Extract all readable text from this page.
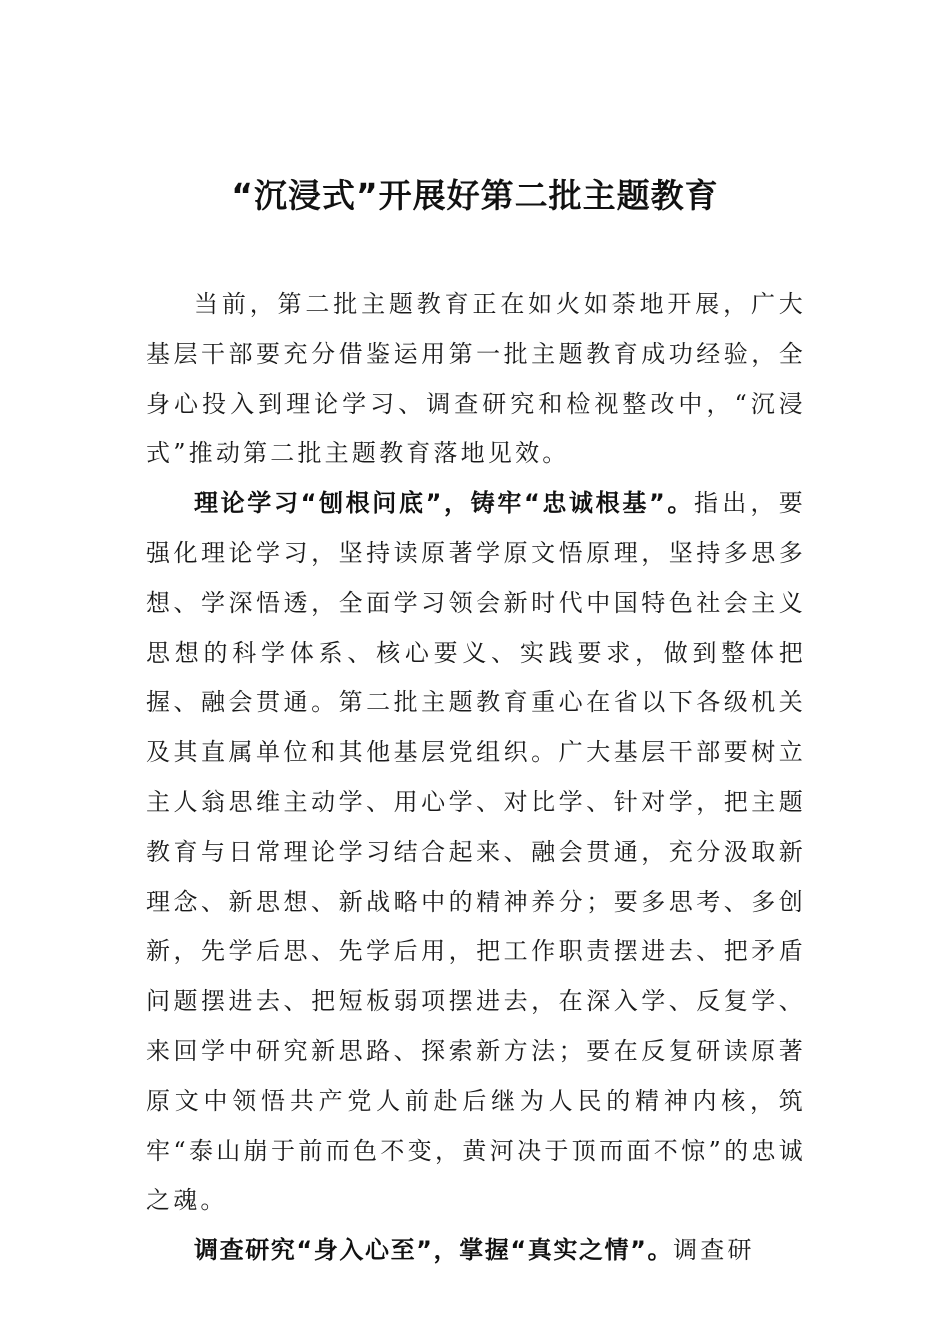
“沉浸式”开展好第二批主题教育

当前，第二批主题教育正在如火如荼地开展，广大基层干部要充分借鉴运用第一批主题教育成功经验，全身心投入到理论学习、调查研究和检视整改中，“沉浸式”推动第二批主题教育落地见效。

理论学习“刨根问底”，铸牢“忠诚根基”。指出，要强化理论学习，坚持读原著学原文悟原理，坚持多思多想、学深悟透，全面学习领会新时代中国特色社会主义思想的科学体系、核心要义、实践要求，做到整体把握、融会贯通。第二批主题教育重心在省以下各级机关及其直属单位和其他基层党组织。广大基层干部要树立主人翁思维主动学、用心学、对比学、针对学，把主题教育与日常理论学习结合起来、融会贯通，充分汲取新理念、新思想、新战略中的精神养分；要多思考、多创新，先学后思、先学后用，把工作职责摆进去、把矛盾问题摆进去、把短板弱项摆进去，在深入学、反复学、来回学中研究新思路、探索新方法；要在反复研读原著原文中领悟共产党人前赴后继为人民的精神内核，筑牢“泰山崩于前而色不变，黄河决于顶而面不惊”的忠诚之魂。

调查研究“身入心至”，掌握“真实之情”。调查研
